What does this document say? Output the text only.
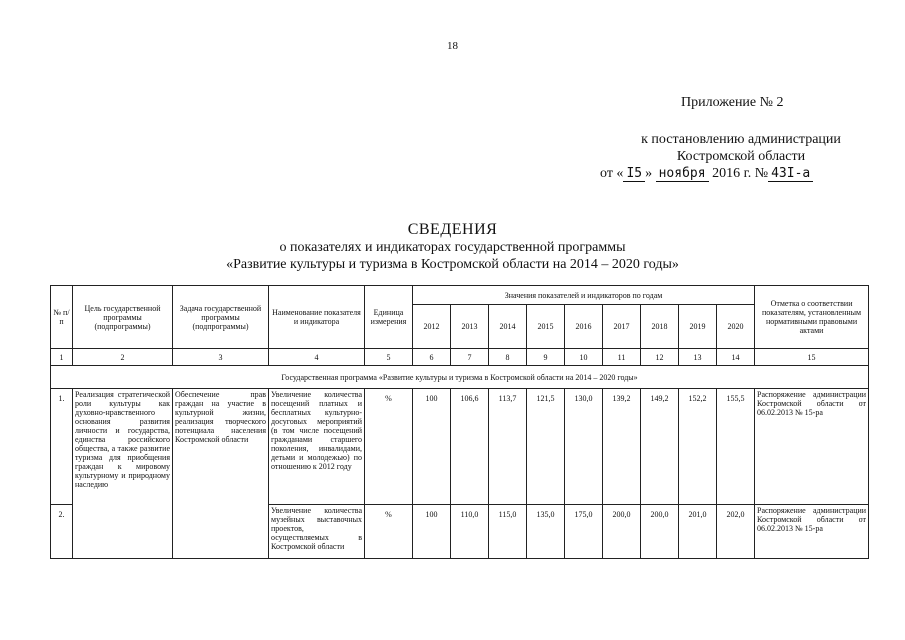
18
Приложение № 2
к постановлению администрации
Костромской области
от « I5 » ноября 2016 г. № 43I-а
СВЕДЕНИЯ
о показателях и индикаторах государственной программы
«Развитие культуры и туризма в Костромской области на 2014 – 2020 годы»
№ п/п	Цель государственной программы (подпрограммы)	Задача государственной программы (подпрограммы)	Наименование показателя и индикатора	Единица измерения	Значения показателей и индикаторов по годам									Отметка о соответствии показателям, установленным нормативными правовыми актами
					2012	2013	2014	2015	2016	2017	2018	2019	2020	
1	2	3	4	5	6	7	8	9	10	11	12	13	14	15
Государственная программа «Развитие культуры и туризма в Костромской области на 2014 – 2020 годы»														
1.	Реализация стратегической роли культуры как духовно-нравственного основания развития личности и государства, единства российского общества, а также развитие туризма для приобщения граждан к мировому культурному и природному наследию	Обеспечение прав граждан на участие в культурной жизни, реализация творческого потенциала населения Костромской области	Увеличение количества посещений платных и бесплатных культурно-досуговых мероприятий (в том числе посещений гражданами старшего поколения, инвалидами, детьми и молодежью) по отношению к 2012 году	%	100	106,6	113,7	121,5	130,0	139,2	149,2	152,2	155,5	Распоряжение администрации Костромской области от 06.02.2013 № 15-ра
2.			Увеличение количества музейных выставочных проектов, осуществляемых в Костромской области	%	100	110,0	115,0	135,0	175,0	200,0	200,0	201,0	202,0	Распоряжение администрации Костромской области от 06.02.2013 № 15-ра
